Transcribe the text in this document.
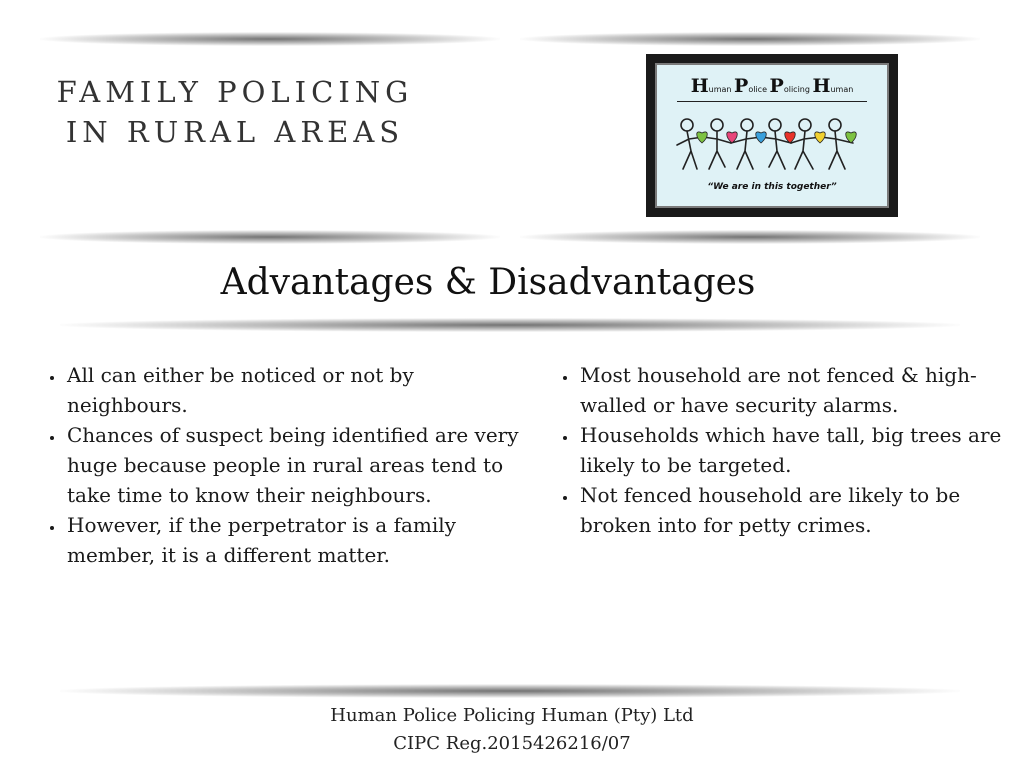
FAMILY POLICING
IN RURAL AREAS
Human Police Policing Human
“We are in this together”
Advantages & Disadvantages
• All can either be noticed or not by neighbours.
• Chances of suspect being identified are very huge because people in rural areas tend to take time to know their neighbours.
• However, if the perpetrator is a family member, it is a different matter.
• Most household are not fenced & high-walled or have security alarms.
• Households which have tall, big trees are likely to be targeted.
• Not fenced household are likely to be broken into for petty crimes.
Human Police Policing Human (Pty) Ltd
CIPC Reg.2015426216/07
